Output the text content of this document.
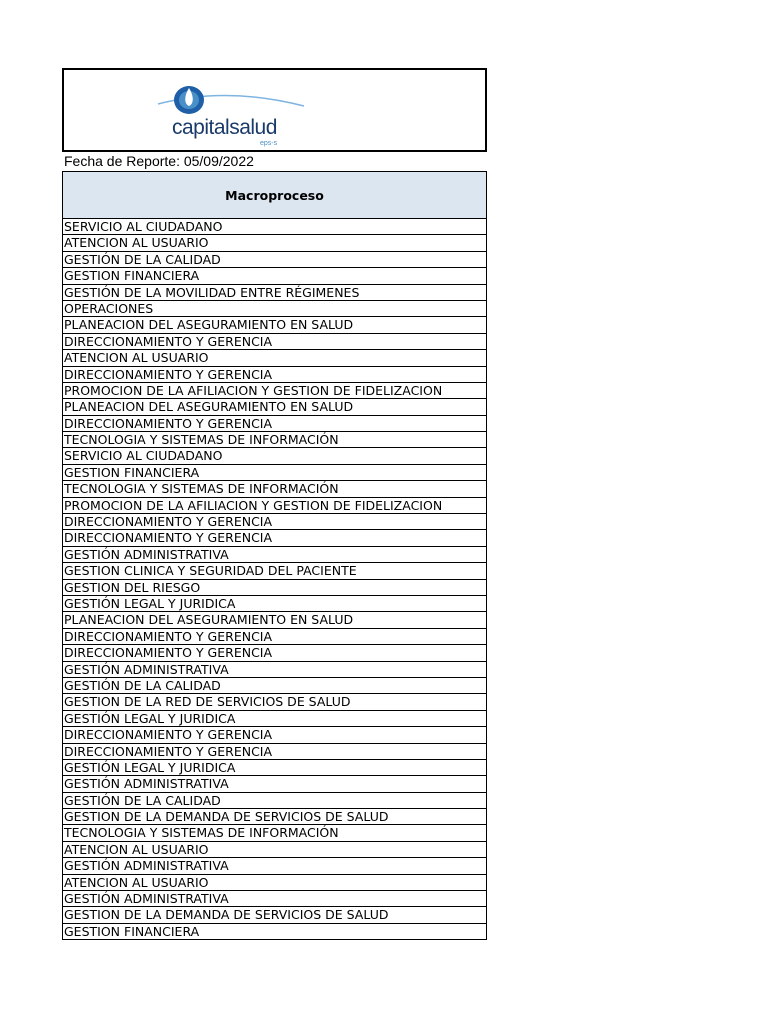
capitalsalud
eps-s
Fecha de Reporte: 05/09/2022
Macroproceso
SERVICIO AL CIUDADANO
ATENCION AL USUARIO
GESTIÓN DE LA CALIDAD
GESTION FINANCIERA
GESTIÓN DE LA MOVILIDAD ENTRE RÉGIMENES
OPERACIONES
PLANEACION DEL ASEGURAMIENTO EN SALUD
DIRECCIONAMIENTO Y GERENCIA
ATENCION AL USUARIO
DIRECCIONAMIENTO Y GERENCIA
PROMOCION DE LA AFILIACION Y GESTION DE FIDELIZACION
PLANEACION DEL ASEGURAMIENTO EN SALUD
DIRECCIONAMIENTO Y GERENCIA
TECNOLOGIA Y SISTEMAS DE INFORMACIÓN
SERVICIO AL CIUDADANO
GESTION FINANCIERA
TECNOLOGIA Y SISTEMAS DE INFORMACIÓN
PROMOCION DE LA AFILIACION Y GESTION DE FIDELIZACION
DIRECCIONAMIENTO Y GERENCIA
DIRECCIONAMIENTO Y GERENCIA
GESTIÓN ADMINISTRATIVA
GESTION CLINICA Y SEGURIDAD DEL PACIENTE
GESTION DEL RIESGO
GESTIÓN LEGAL Y JURIDICA
PLANEACION DEL ASEGURAMIENTO EN SALUD
DIRECCIONAMIENTO Y GERENCIA
DIRECCIONAMIENTO Y GERENCIA
GESTIÓN ADMINISTRATIVA
GESTIÓN DE LA CALIDAD
GESTION DE LA RED DE SERVICIOS DE SALUD
GESTIÓN LEGAL Y JURIDICA
DIRECCIONAMIENTO Y GERENCIA
DIRECCIONAMIENTO Y GERENCIA
GESTIÓN LEGAL Y JURIDICA
GESTIÓN ADMINISTRATIVA
GESTIÓN DE LA CALIDAD
GESTION DE LA DEMANDA DE SERVICIOS DE SALUD
TECNOLOGIA Y SISTEMAS DE INFORMACIÓN
ATENCION AL USUARIO
GESTIÓN ADMINISTRATIVA
ATENCION AL USUARIO
GESTIÓN ADMINISTRATIVA
GESTION DE LA DEMANDA DE SERVICIOS DE SALUD
GESTION FINANCIERA
